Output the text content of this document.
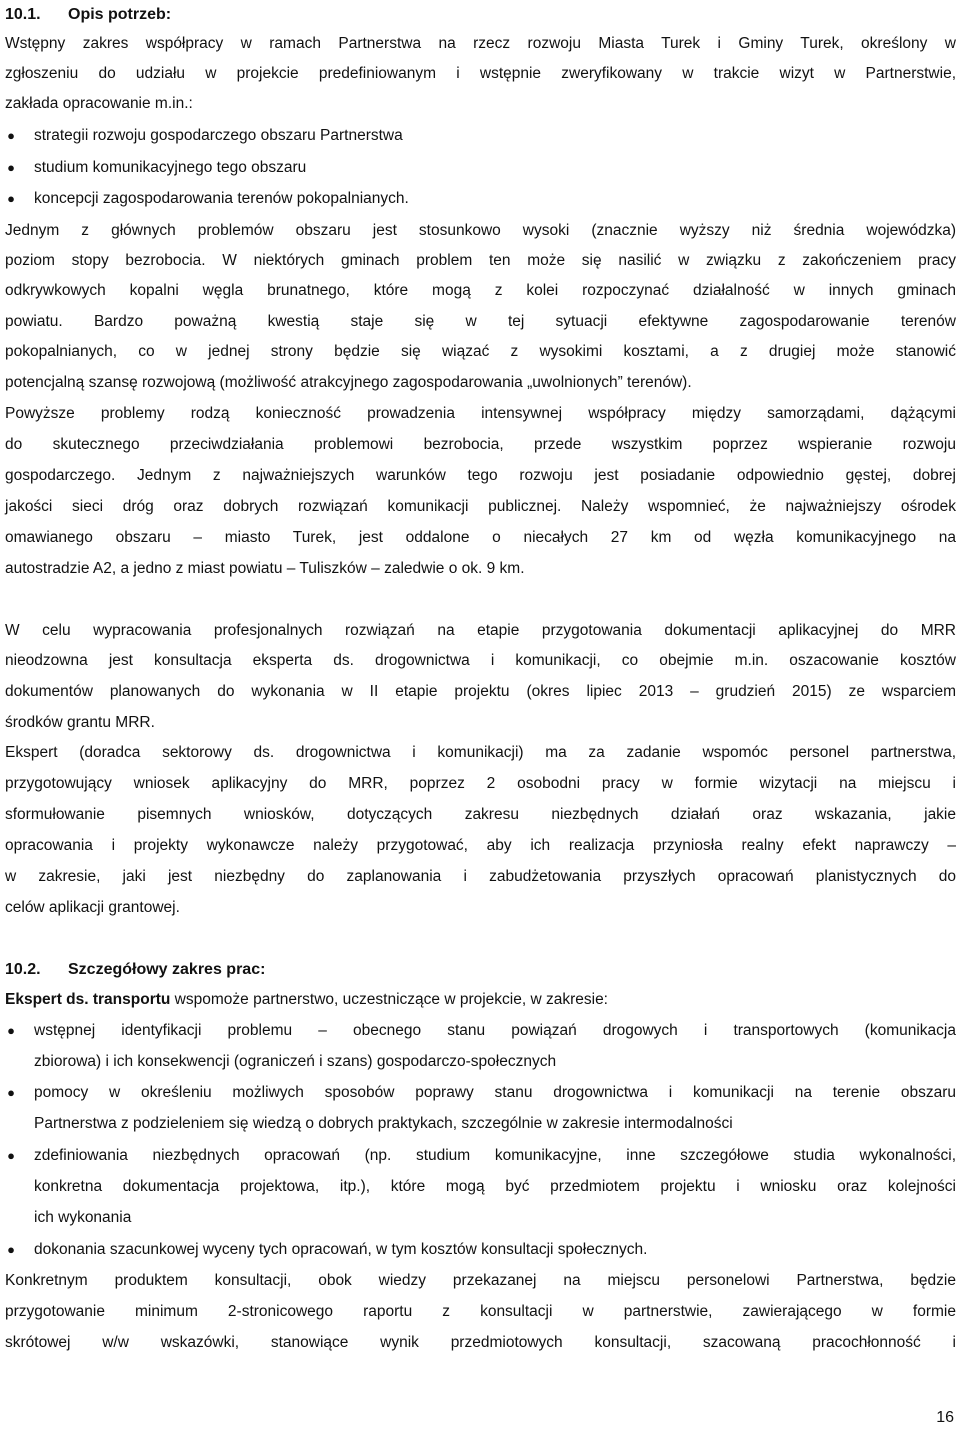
10.1. Opis potrzeb:
Wstępny zakres współpracy w ramach Partnerstwa na rzecz rozwoju Miasta Turek i Gminy Turek, określony w
zgłoszeniu do udziału w projekcie predefiniowanym i wstępnie zweryfikowany w trakcie wizyt w Partnerstwie,
zakłada opracowanie m.in.:
● strategii rozwoju gospodarczego obszaru Partnerstwa
● studium komunikacyjnego tego obszaru
● koncepcji zagospodarowania terenów pokopalnianych.
Jednym z głównych problemów obszaru jest stosunkowo wysoki (znacznie wyższy niż średnia wojewódzka)
poziom stopy bezrobocia. W niektórych gminach problem ten może się nasilić w związku z zakończeniem pracy
odkrywkowych kopalni węgla brunatnego, które mogą z kolei rozpoczynać działalność w innych gminach
powiatu. Bardzo poważną kwestią staje się w tej sytuacji efektywne zagospodarowanie terenów
pokopalnianych, co w jednej strony będzie się wiązać z wysokimi kosztami, a z drugiej może stanowić
potencjalną szansę rozwojową (możliwość atrakcyjnego zagospodarowania „uwolnionych” terenów).
Powyższe problemy rodzą konieczność prowadzenia intensywnej współpracy między samorządami, dążącymi
do skutecznego przeciwdziałania problemowi bezrobocia, przede wszystkim poprzez wspieranie rozwoju
gospodarczego. Jednym z najważniejszych warunków tego rozwoju jest posiadanie odpowiednio gęstej, dobrej
jakości sieci dróg oraz dobrych rozwiązań komunikacji publicznej. Należy wspomnieć, że najważniejszy ośrodek
omawianego obszaru – miasto Turek, jest oddalone o niecałych 27 km od węzła komunikacyjnego na
autostradzie A2, a jedno z miast powiatu – Tuliszków – zaledwie o ok. 9 km.
W celu wypracowania profesjonalnych rozwiązań na etapie przygotowania dokumentacji aplikacyjnej do MRR
nieodzowna jest konsultacja eksperta ds. drogownictwa i komunikacji, co obejmie m.in. oszacowanie kosztów
dokumentów planowanych do wykonania w II etapie projektu (okres lipiec 2013 – grudzień 2015) ze wsparciem
środków grantu MRR.
Ekspert (doradca sektorowy ds. drogownictwa i komunikacji) ma za zadanie wspomóc personel partnerstwa,
przygotowujący wniosek aplikacyjny do MRR, poprzez 2 osobodni pracy w formie wizytacji na miejscu i
sformułowanie pisemnych wniosków, dotyczących zakresu niezbędnych działań oraz wskazania, jakie
opracowania i projekty wykonawcze należy przygotować, aby ich realizacja przyniosła realny efekt naprawczy –
w zakresie, jaki jest niezbędny do zaplanowania i zabudżetowania przyszłych opracowań planistycznych do
celów aplikacji grantowej.
10.2. Szczegółowy zakres prac:
Ekspert ds. transportu wspomoże partnerstwo, uczestniczące w projekcie, w zakresie:
● wstępnej identyfikacji problemu – obecnego stanu powiązań drogowych i transportowych (komunikacja
zbiorowa) i ich konsekwencji (ograniczeń i szans) gospodarczo-społecznych
● pomocy w określeniu możliwych sposobów poprawy stanu drogownictwa i komunikacji na terenie obszaru
Partnerstwa z podzieleniem się wiedzą o dobrych praktykach, szczególnie w zakresie intermodalności
● zdefiniowania niezbędnych opracowań (np. studium komunikacyjne, inne szczegółowe studia wykonalności,
konkretna dokumentacja projektowa, itp.), które mogą być przedmiotem projektu i wniosku oraz kolejności
ich wykonania
● dokonania szacunkowej wyceny tych opracowań, w tym kosztów konsultacji społecznych.
Konkretnym produktem konsultacji, obok wiedzy przekazanej na miejscu personelowi Partnerstwa, będzie
przygotowanie minimum 2-stronicowego raportu z konsultacji w partnerstwie, zawierającego w formie
skrótowej w/w wskazówki, stanowiące wynik przedmiotowych konsultacji, szacowaną pracochłonność i
16
